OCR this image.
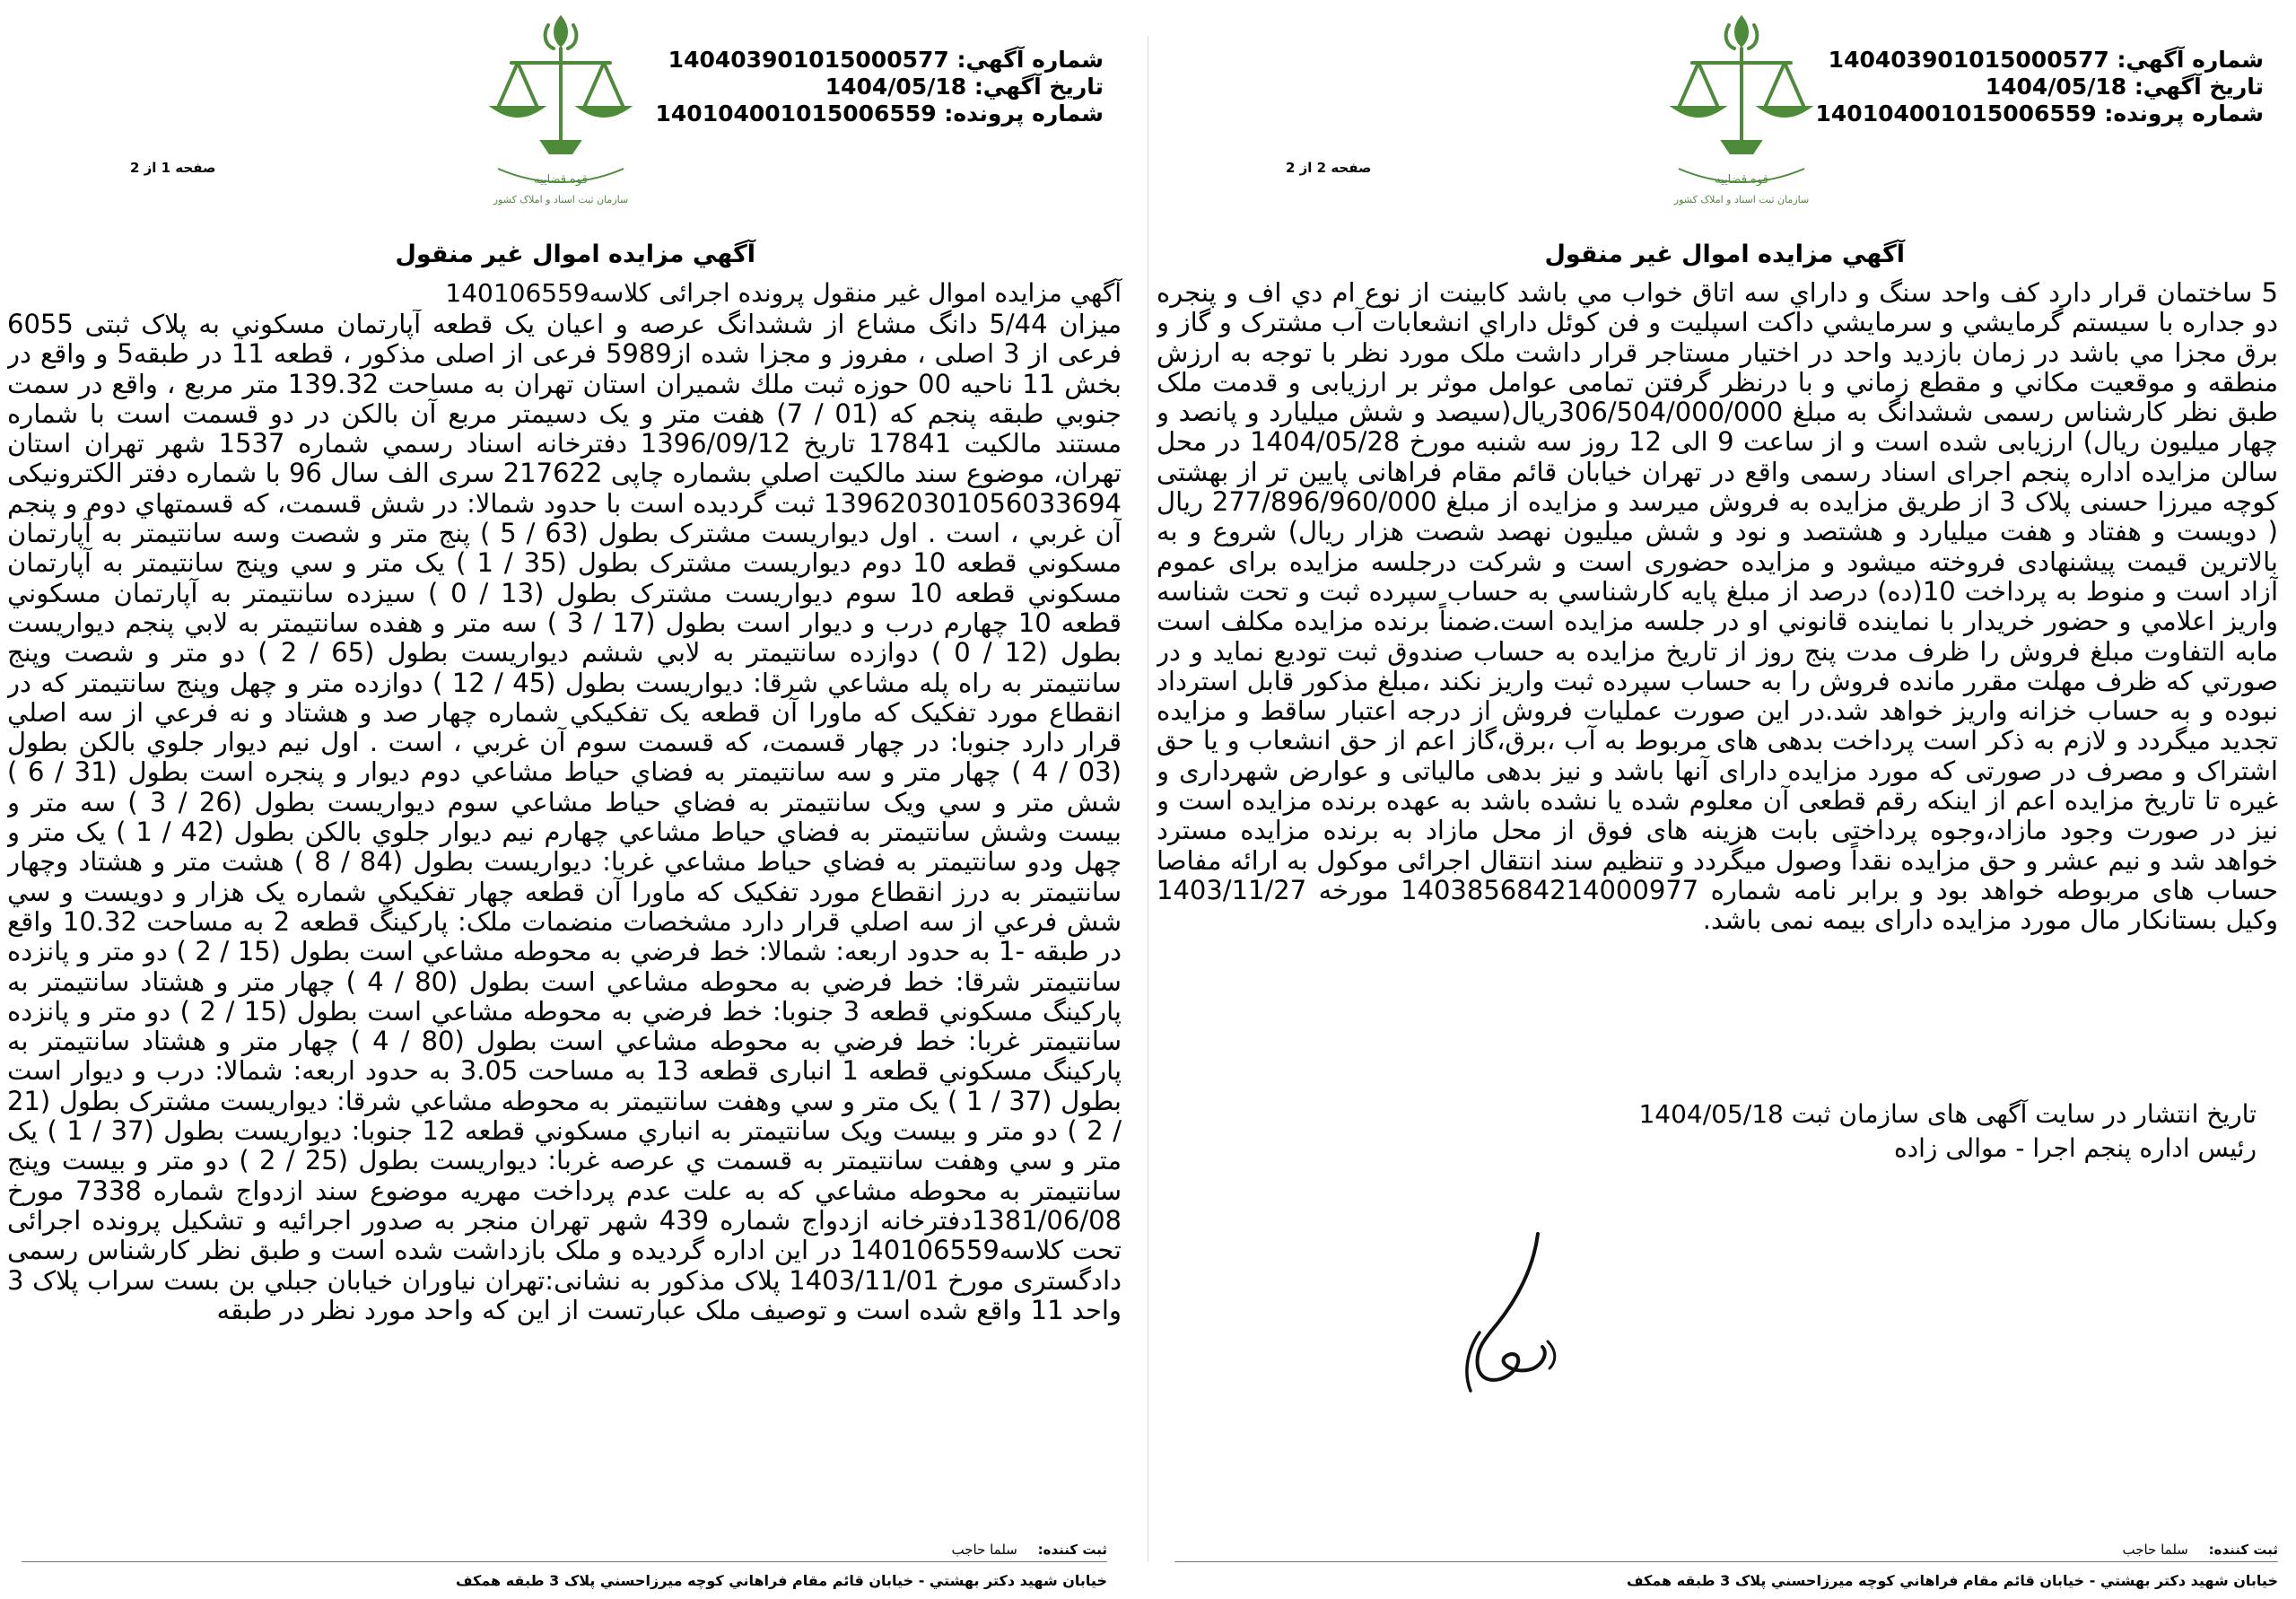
شماره آگهي: 140403901015000577
تاريخ آگهي: 1404/05/18
شماره پرونده: 140104001015006559
قوه قضاییه
سازمان ثبت اسناد و املاک کشور
صفحه 1 از 2
آگهي مزايده اموال غير منقول
آگهي مزايده اموال غير منقول پرونده اجرائی کلاسه140106559
ميزان 5/44 دانگ مشاع از ششدانگ عرصه و اعيان يک قطعه آپارتمان مسکوني به پلاک ثبتی 6055 فرعی از 3 اصلی ، مفروز و مجزا شده از5989 فرعی از اصلی مذکور ، قطعه 11 در طبقه5 و واقع در بخش 11 ناحيه 00 حوزه ثبت ملك شميران استان تهران به مساحت 139.32 متر مربع ، واقع در سمت جنوبي طبقه پنجم که (01 / 7) هفت متر و يک دسيمتر مربع آن بالکن در دو قسمت است با شماره مستند مالکيت 17841 تاريخ 1396/09/12 دفترخانه اسناد رسمي شماره 1537 شهر تهران استان تهران، موضوع سند مالکيت اصلي بشماره چاپی 217622 سری الف سال 96 با شماره دفتر الکترونيکی 13962030105603369‌4 ثبت گرديده است با حدود شمالا: در شش قسمت، که قسمتهاي دوم و پنجم آن غربي ، است . اول ديواريست مشترک بطول (63 / 5 ) پنج متر و شصت وسه سانتيمتر به آپارتمان مسکوني قطعه 10 دوم ديواريست مشترک بطول (35 / 1 ) يک متر و سي وپنج سانتيمتر به آپارتمان مسکوني قطعه 10 سوم ديواريست مشترک بطول (13 / 0 ) سيزده سانتيمتر به آپارتمان مسکوني قطعه 10 چهارم درب و ديوار است بطول (17 / 3 ) سه متر و هفده سانتيمتر به لابي پنجم ديواريست بطول (12 / 0 ) دوازده سانتيمتر به لابي ششم ديواريست بطول (65 / 2 ) دو متر و شصت وپنج سانتيمتر به راه پله مشاعي شرقا: ديواريست بطول (45 / 12 ) دوازده متر و چهل وپنج سانتيمتر که در انقطاع مورد تفکيک که ماورا آن قطعه يک تفکيکي شماره چهار صد و هشتاد و نه فرعي از سه اصلي قرار دارد جنوبا: در چهار قسمت، که قسمت سوم آن غربي ، است . اول نيم ديوار جلوي بالکن بطول (03 / 4 ) چهار متر و سه سانتيمتر به فضاي حياط مشاعي دوم ديوار و پنجره است بطول (31 / 6 ) شش متر و سي ويک سانتيمتر به فضاي حياط مشاعي سوم ديواريست بطول (26 / 3 ) سه متر و بيست وشش سانتيمتر به فضاي حياط مشاعي چهارم نيم ديوار جلوي بالکن بطول (42 / 1 ) يک متر و چهل ودو سانتيمتر به فضاي حياط مشاعي غربا: ديواريست بطول (84 / 8 ) هشت متر و هشتاد وچهار سانتيمتر به درز انقطاع مورد تفکيک که ماورا آن قطعه چهار تفکيکي شماره يک هزار و دويست و سي شش فرعي از سه اصلي قرار دارد مشخصات منضمات ملک: پارکينگ قطعه 2 به مساحت 10.32 واقع در طبقه -1 به حدود اربعه: شمالا: خط فرضي به محوطه مشاعي است بطول (15 / 2 ) دو متر و پانزده سانتيمتر شرقا: خط فرضي به محوطه مشاعي است بطول (80 / 4 ) چهار متر و هشتاد سانتيمتر به پارکينگ مسکوني قطعه 3 جنوبا: خط فرضي به محوطه مشاعي است بطول (15 / 2 ) دو متر و پانزده سانتيمتر غربا: خط فرضي به محوطه مشاعي است بطول (80 / 4 ) چهار متر و هشتاد سانتيمتر به پارکينگ مسکوني قطعه 1 انباری قطعه 13 به مساحت 3.05 به حدود اربعه: شمالا: درب و ديوار است بطول (37 / 1 ) يک متر و سي وهفت سانتيمتر به محوطه مشاعي شرقا: ديواريست مشترک بطول (21 / 2 ) دو متر و بيست ويک سانتيمتر به انباري مسکوني قطعه 12 جنوبا: ديواريست بطول (37 / 1 ) يک متر و سي وهفت سانتيمتر به قسمت ي عرصه غربا: ديواريست بطول (25 / 2 ) دو متر و بيست وپنج سانتيمتر به محوطه مشاعي که به علت عدم پرداخت مهريه موضوع سند ازدواج شماره 7338 مورخ 1381/06/08دفترخانه ازدواج شماره 439 شهر تهران منجر به صدور اجرائيه و تشکيل پرونده اجرائی تحت کلاسه140106559 در اين اداره گرديده و ملک بازداشت شده است و طبق نظر کارشناس رسمی دادگستری مورخ 1403/11/01 پلاک مذکور به نشانی:تهران نياوران خيابان جبلي بن بست سراب پلاک 3 واحد 11 واقع شده است و توصيف ملک عبارتست از اين که واحد مورد نظر در طبقه
ثبت کننده: سلما حاجب
خيابان شهيد دکتر بهشتي - خيابان قائم مقام فراهاني کوچه ميرزاحسني پلاک 3 طبقه همکف
شماره آگهي: 140403901015000577
تاريخ آگهي: 1404/05/18
شماره پرونده: 140104001015006559
قوه قضاییه
سازمان ثبت اسناد و املاک کشور
صفحه 2 از 2
آگهي مزايده اموال غير منقول
5 ساختمان قرار دارد كف واحد سنگ و داراي سه اتاق خواب مي باشد كابينت از نوع ام دي اف و پنجره دو جداره با سيستم گرمايشي و سرمايشي داكت اسپليت و فن كوئل داراي انشعابات آب مشترک و گاز و برق مجزا مي باشد در زمان بازديد واحد در اختيار مستاجر قرار داشت ملک مورد نظر با توجه به ارزش منطقه و موقعيت مکاني و مقطع زماني و با درنظر گرفتن تمامی عوامل موثر بر ارزيابی و قدمت ملک طبق نظر کارشناس رسمی ششدانگ به مبلغ 306/504/000/000ريال(سيصد و شش ميليارد و پانصد و چهار ميليون ريال) ارزيابی شده است و از ساعت 9 الی 12 روز سه شنبه مورخ 1404/05/28 در محل سالن مزايده اداره پنجم اجرای اسناد رسمی واقع در تهران خيابان قائم مقام فراهانی پايين تر از بهشتی کوچه ميرزا حسنی پلاک 3 از طريق مزايده به فروش ميرسد و مزايده از مبلغ 277/896/960/000 ريال ( دويست و هفتاد و هفت ميليارد و هشتصد و نود و شش ميليون نهصد شصت هزار ريال) شروع و به بالاترين قيمت پيشنهادی فروخته ميشود و مزايده حضوری است و شرکت درجلسه مزايده برای عموم آزاد است و منوط به پرداخت 10(ده) درصد از مبلغ پايه کارشناسي به حساب سپرده ثبت و تحت شناسه واريز اعلامي و حضور خريدار با نماينده قانوني او در جلسه مزايده است.ضمناً برنده مزايده مكلف است مابه التفاوت مبلغ فروش را ظرف مدت پنج روز از تاريخ مزايده به حساب صندوق ثبت توديع نمايد و در صورتي كه ظرف مهلت مقرر مانده فروش را به حساب سپرده ثبت واريز نكند ،مبلغ مذكور قابل استرداد نبوده و به حساب خزانه واريز خواهد شد.در اين صورت عمليات فروش از درجه اعتبار ساقط و مزايده تجديد ميگردد و لازم به ذکر است پرداخت بدهی های مربوط به آب ،برق،گاز اعم از حق انشعاب و يا حق اشتراک و مصرف در صورتی که مورد مزايده دارای آنها باشد و نيز بدهی مالياتی و عوارض شهرداری و غيره تا تاريخ مزايده اعم از اينکه رقم قطعی آن معلوم شده يا نشده باشد به عهده برنده مزايده است و نيز در صورت وجود مازاد،وجوه پرداختی بابت هزينه های فوق از محل مازاد به برنده مزايده مسترد خواهد شد و نيم عشر و حق مزايده نقداً وصول ميگردد و تنظيم سند انتقال اجرائی موکول به ارائه مفاصا حساب های مربوطه خواهد بود و برابر نامه شماره 14038568421400097‌7 مورخه 1403/11/27 وکيل بستانکار مال مورد مزايده دارای بيمه نمی باشد.
تاريخ انتشار در سايت آگهی های سازمان ثبت 1404/05/18
رئيس اداره پنجم اجرا - موالی زاده
ثبت کننده: سلما حاجب
خيابان شهيد دکتر بهشتي - خيابان قائم مقام فراهاني کوچه ميرزاحسني پلاک 3 طبقه همکف
